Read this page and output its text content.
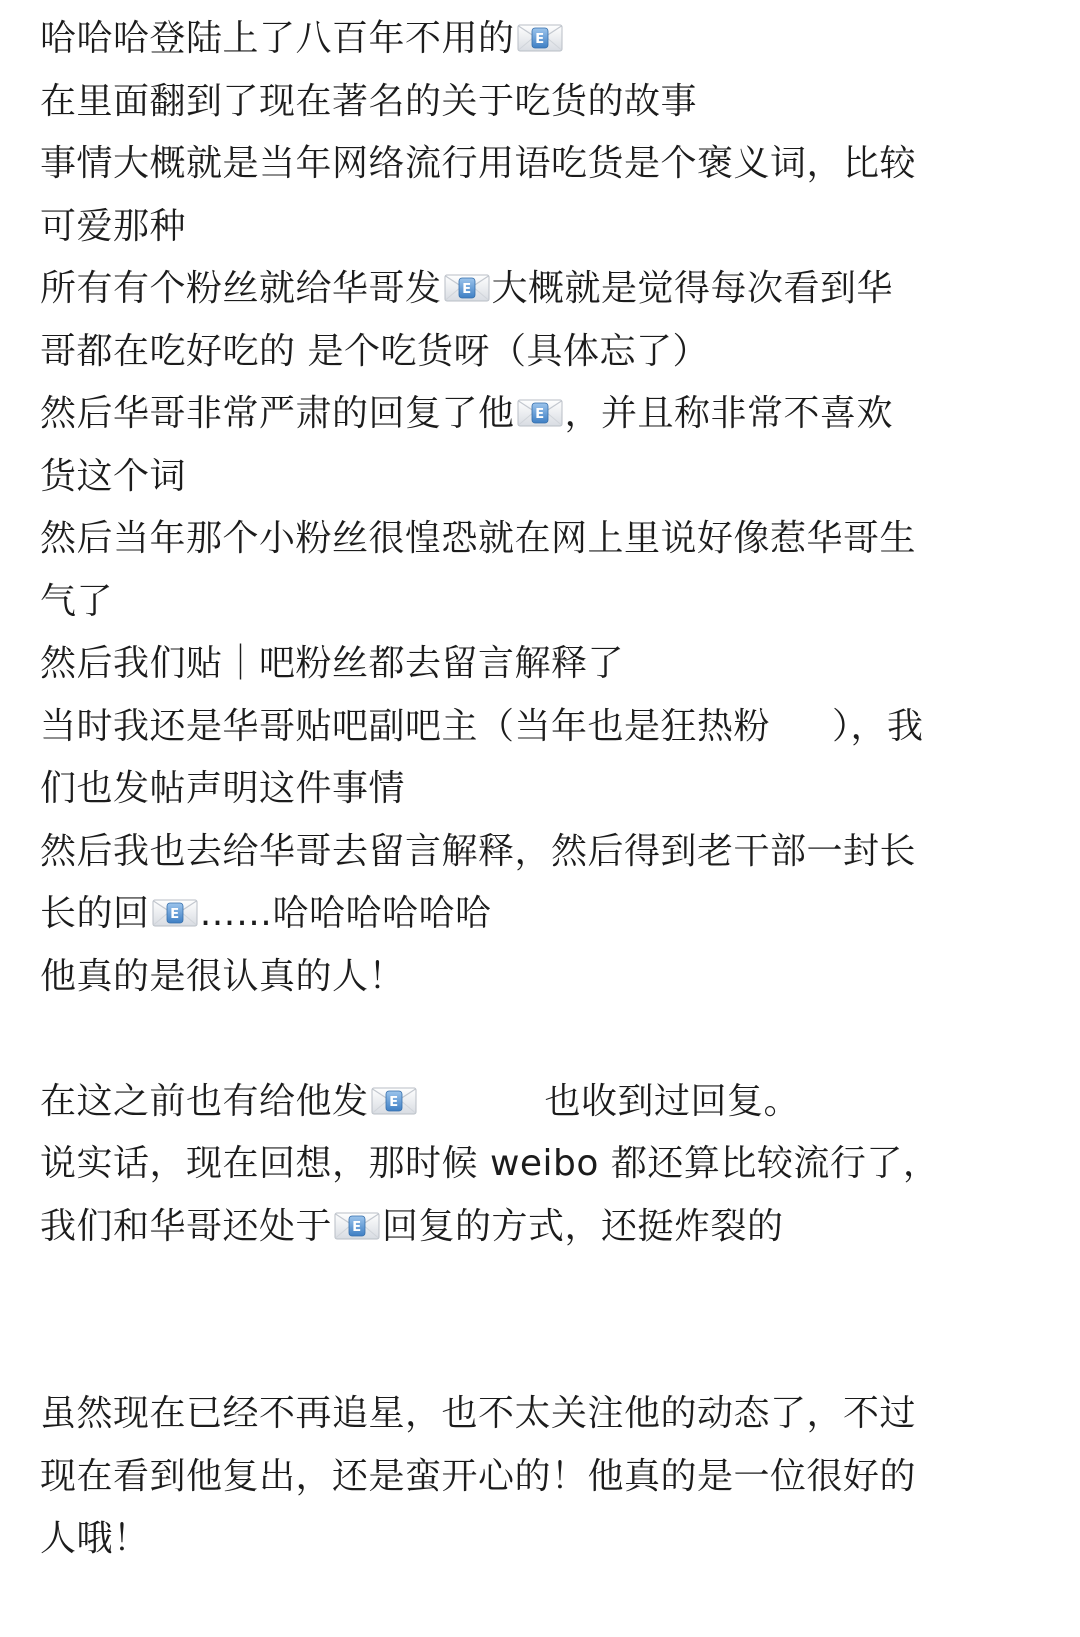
哈哈哈登陆上了八百年不用的 E
在里面翻到了现在著名的关于吃货的故事
事情大概就是当年网络流行用语吃货是个褒义词，比较
可爱那种
所有有个粉丝就给华哥发 E 大概就是觉得每次看到华
哥都在吃好吃的 是个吃货呀（具体忘了）
然后华哥非常严肃的回复了他 E ，并且称非常不喜欢
货这个词
然后当年那个小粉丝很惶恐就在网上里说好像惹华哥生
气了
然后我们贴｜吧粉丝都去留言解释了
当时我还是华哥贴吧副吧主（当年也是狂热粉 ），我
们也发帖声明这件事情
然后我也去给华哥去留言解释，然后得到老干部一封长
长的回 E ……哈哈哈哈哈哈
他真的是很认真的人！
在这之前也有给他发 E	也收到过回复。
说实话，现在回想，那时候 weibo 都还算比较流行了，
我们和华哥还处于 E 回复的方式，还挺炸裂的
虽然现在已经不再追星，也不太关注他的动态了，不过
现在看到他复出，还是蛮开心的！他真的是一位很好的
人哦！
